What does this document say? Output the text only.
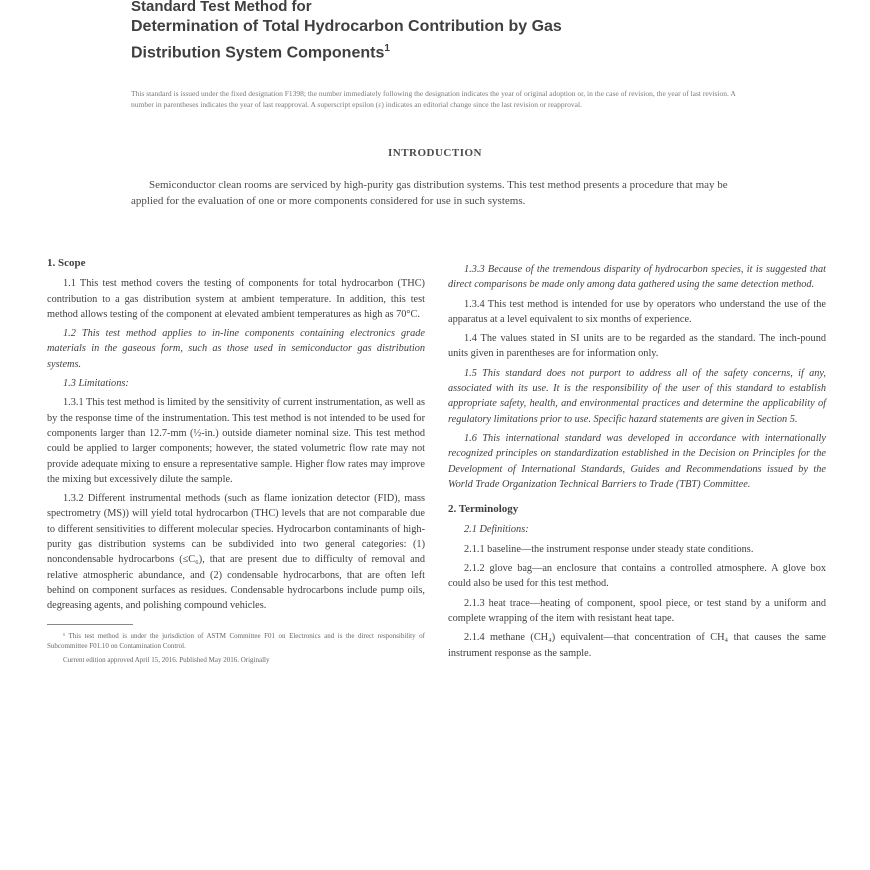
Standard Test Method for
Determination of Total Hydrocarbon Contribution by Gas
Distribution System Components$^1$
This standard is issued under the fixed designation F1398; the number immediately following the designation indicates the year of original adoption or, in the case of revision, the year of last revision. A number in parentheses indicates the year of last reapproval. A superscript epsilon (ε) indicates an editorial change since the last revision or reapproval.
INTRODUCTION
Semiconductor clean rooms are serviced by high-purity gas distribution systems. This test method presents a procedure that may be applied for the evaluation of one or more components considered for use in such systems.
1. Scope

1.1 This test method covers the testing of components for total hydrocarbon (THC) contribution to a gas distribution system at ambient temperature. In addition, this test method allows testing of the component at elevated ambient temperatures as high as 70°C.

1.2 This test method applies to in-line components containing electronics grade materials in the gaseous form, such as those used in semiconductor gas distribution systems.

1.3 Limitations:

1.3.1 This test method is limited by the sensitivity of current instrumentation, as well as by the response time of the instrumentation. This test method is not intended to be used for components larger than 12.7-mm (½-in.) outside diameter nominal size. This test method could be applied to larger components; however, the stated volumetric flow rate may not provide adequate mixing to ensure a representative sample. Higher flow rates may improve the mixing but excessively dilute the sample.

1.3.2 Different instrumental methods (such as flame ionization detector (FID), mass spectrometry (MS)) will yield total hydrocarbon (THC) levels that are not comparable due to different sensitivities to different molecular species. Hydrocarbon contaminants of high-purity gas distribution systems can be subdivided into two general categories: (1) noncondensable hydrocarbons (≤C₆), that are present due to difficulty of removal and relative atmospheric abundance, and (2) condensable hydrocarbons, that are often left behind on component surfaces as residues. Condensable hydrocarbons include pump oils, degreasing agents, and polishing compound vehicles.

¹ This test method is under the jurisdiction of ASTM Committee F01 on Electronics and is the direct responsibility of Subcommittee F01.10 on Contamination Control.

Current edition approved April 15, 2016. Published May 2016. Originally

1.3.3 Because of the tremendous disparity of hydrocarbon species, it is suggested that direct comparisons be made only among data gathered using the same detection method.

1.3.4 This test method is intended for use by operators who understand the use of the apparatus at a level equivalent to six months of experience.

1.4 The values stated in SI units are to be regarded as the standard. The inch-pound units given in parentheses are for information only.

1.5 This standard does not purport to address all of the safety concerns, if any, associated with its use. It is the responsibility of the user of this standard to establish appropriate safety, health, and environmental practices and determine the applicability of regulatory limitations prior to use. Specific hazard statements are given in Section 5.

1.6 This international standard was developed in accordance with internationally recognized principles on standardization established in the Decision on Principles for the Development of International Standards, Guides and Recommendations issued by the World Trade Organization Technical Barriers to Trade (TBT) Committee.

2. Terminology

2.1 Definitions:

2.1.1 baseline—the instrument response under steady state conditions.

2.1.2 glove bag—an enclosure that contains a controlled atmosphere. A glove box could also be used for this test method.

2.1.3 heat trace—heating of component, spool piece, or test stand by a uniform and complete wrapping of the item with resistant heat tape.

2.1.4 methane (CH₄) equivalent—that concentration of CH₄ that causes the same instrument response as the sample.
